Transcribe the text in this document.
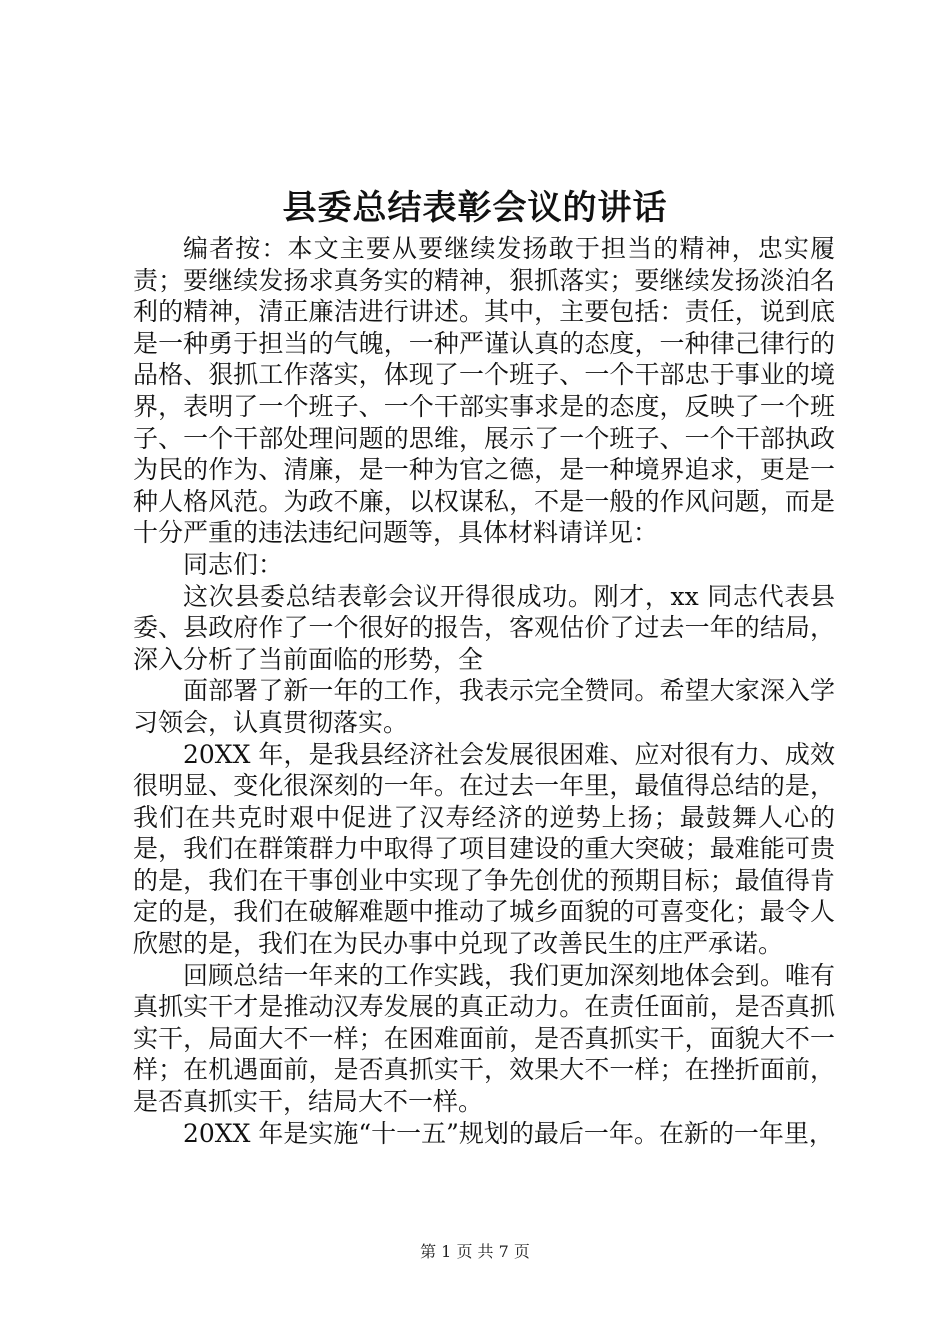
县委总结表彰会议的讲话

编者按：本文主要从要继续发扬敢于担当的精神，忠实履责；要继续发扬求真务实的精神，狠抓落实；要继续发扬淡泊名利的精神，清正廉洁进行讲述。其中，主要包括：责任，说到底是一种勇于担当的气魄，一种严谨认真的态度，一种律己律行的品格、狠抓工作落实，体现了一个班子、一个干部忠于事业的境界，表明了一个班子、一个干部实事求是的态度，反映了一个班子、一个干部处理问题的思维，展示了一个班子、一个干部执政为民的作为、清廉，是一种为官之德，是一种境界追求，更是一种人格风范。为政不廉，以权谋私，不是一般的作风问题，而是十分严重的违法违纪问题等，具体材料请详见：

同志们：

这次县委总结表彰会议开得很成功。刚才，xx 同志代表县委、县政府作了一个很好的报告，客观估价了过去一年的结局，深入分析了当前面临的形势，全

面部署了新一年的工作，我表示完全赞同。希望大家深入学习领会，认真贯彻落实。

20XX 年，是我县经济社会发展很困难、应对很有力、成效很明显、变化很深刻的一年。在过去一年里，最值得总结的是，我们在共克时艰中促进了汉寿经济的逆势上扬；最鼓舞人心的是，我们在群策群力中取得了项目建设的重大突破；最难能可贵的是，我们在干事创业中实现了争先创优的预期目标；最值得肯定的是，我们在破解难题中推动了城乡面貌的可喜变化；最令人欣慰的是，我们在为民办事中兑现了改善民生的庄严承诺。

回顾总结一年来的工作实践，我们更加深刻地体会到。唯有真抓实干才是推动汉寿发展的真正动力。在责任面前，是否真抓实干，局面大不一样；在困难面前，是否真抓实干，面貌大不一样；在机遇面前，是否真抓实干，效果大不一样；在挫折面前，是否真抓实干，结局大不一样。

20XX 年是实施“十一五”规划的最后一年。在新的一年里，

第 1 页 共 7 页
